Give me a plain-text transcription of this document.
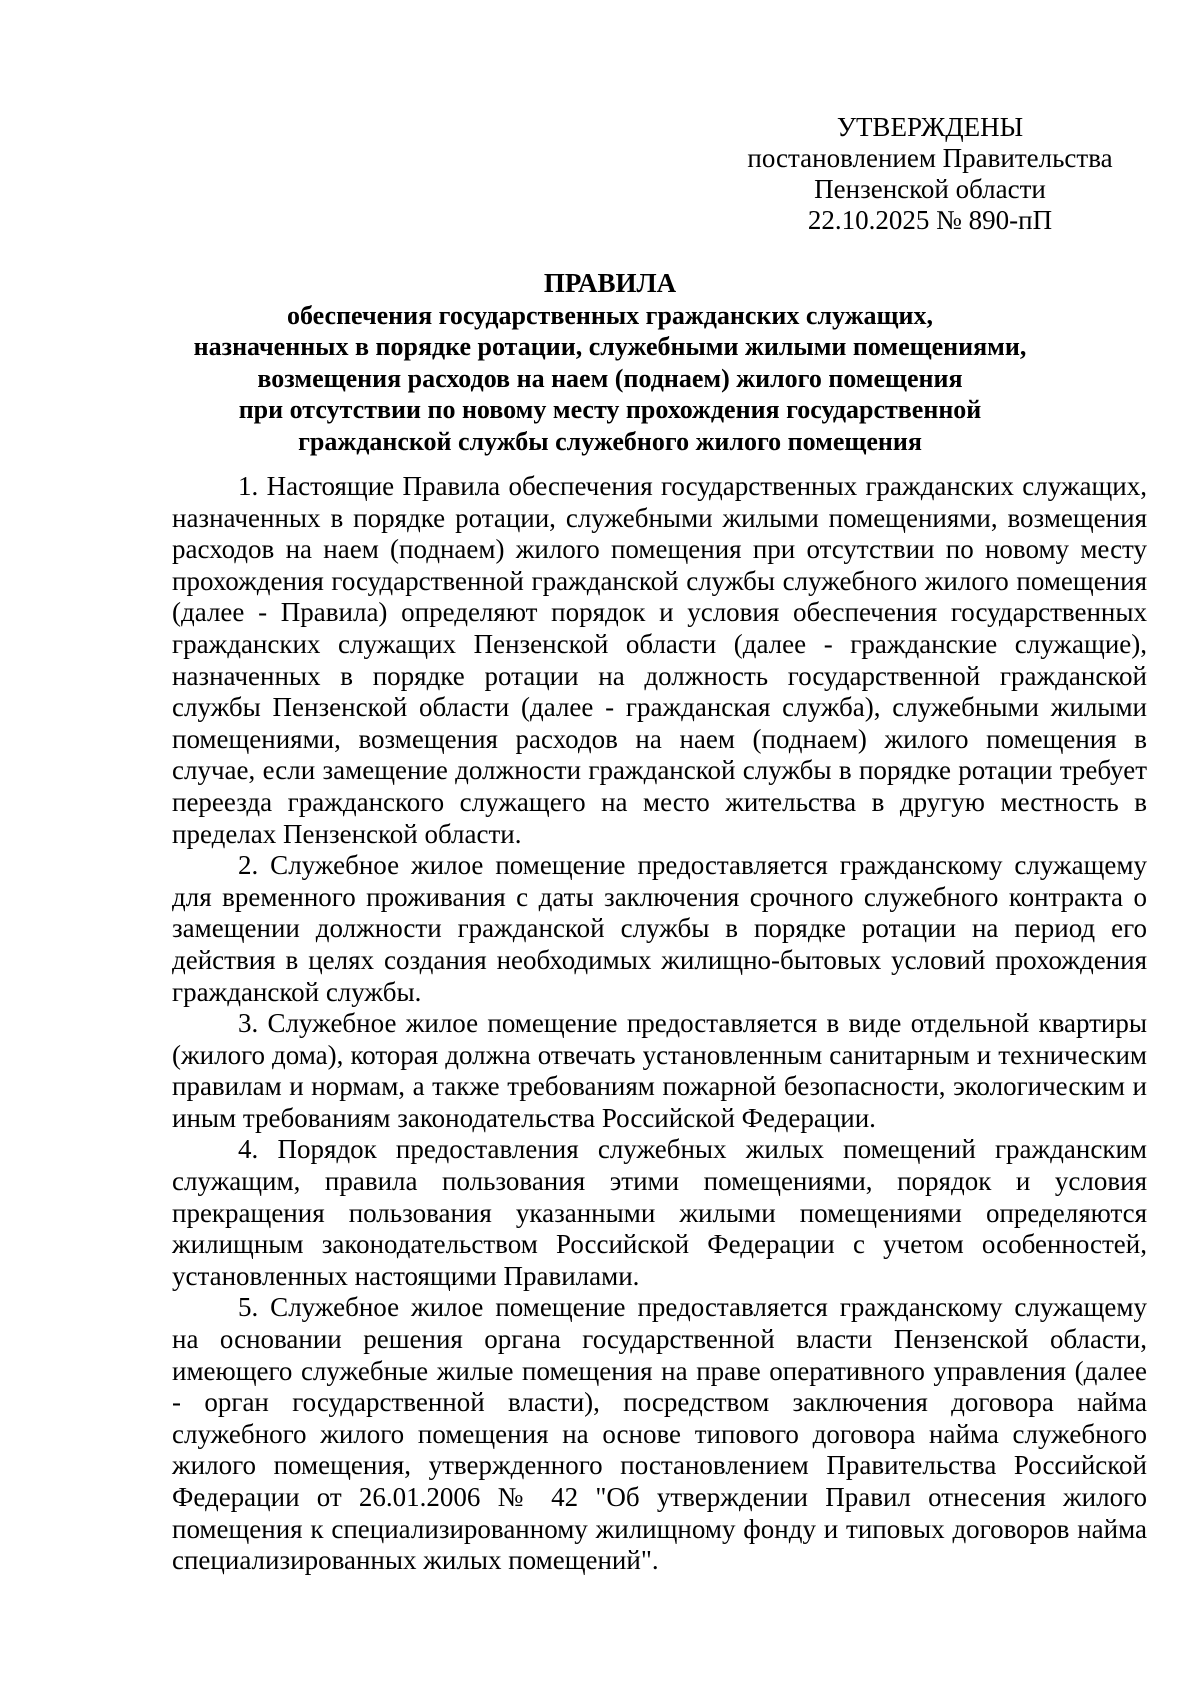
УТВЕРЖДЕНЫ
постановлением Правительства
Пензенской области
22.10.2025 № 890-пП
ПРАВИЛА
обеспечения государственных гражданских служащих,
назначенных в порядке ротации, служебными жилыми помещениями,
возмещения расходов на наем (поднаем) жилого помещения
при отсутствии по новому месту прохождения государственной
гражданской службы служебного жилого помещения

1. Настоящие Правила обеспечения государственных гражданских служащих, назначенных в порядке ротации, служебными жилыми помещениями, возмещения расходов на наем (поднаем) жилого помещения при отсутствии по новому месту прохождения государственной гражданской службы служебного жилого помещения (далее - Правила) определяют порядок и условия обеспечения государственных гражданских служащих Пензенской области (далее - гражданские служащие), назначенных в порядке ротации на должность государственной гражданской службы Пензенской области (далее - гражданская служба), служебными жилыми помещениями, возмещения расходов на наем (поднаем) жилого помещения в случае, если замещение должности гражданской службы в порядке ротации требует переезда гражданского служащего на место жительства в другую местность в пределах Пензенской области.

2. Служебное жилое помещение предоставляется гражданскому служащему для временного проживания с даты заключения срочного служебного контракта о замещении должности гражданской службы в порядке ротации на период его действия в целях создания необходимых жилищно-бытовых условий прохождения гражданской службы.

3. Служебное жилое помещение предоставляется в виде отдельной квартиры (жилого дома), которая должна отвечать установленным санитарным и техническим правилам и нормам, а также требованиям пожарной безопасности, экологическим и иным требованиям законодательства Российской Федерации.

4. Порядок предоставления служебных жилых помещений гражданским служащим, правила пользования этими помещениями, порядок и условия прекращения пользования указанными жилыми помещениями определяются жилищным законодательством Российской Федерации с учетом особенностей, установленных настоящими Правилами.

5. Служебное жилое помещение предоставляется гражданскому служащему на основании решения органа государственной власти Пензенской области, имеющего служебные жилые помещения на праве оперативного управления (далее - орган государственной власти), посредством заключения договора найма служебного жилого помещения на основе типового договора найма служебного жилого помещения, утвержденного постановлением Правительства Российской Федерации от 26.01.2006 № 42 "Об утверждении Правил отнесения жилого помещения к специализированному жилищному фонду и типовых договоров найма специализированных жилых помещений".
